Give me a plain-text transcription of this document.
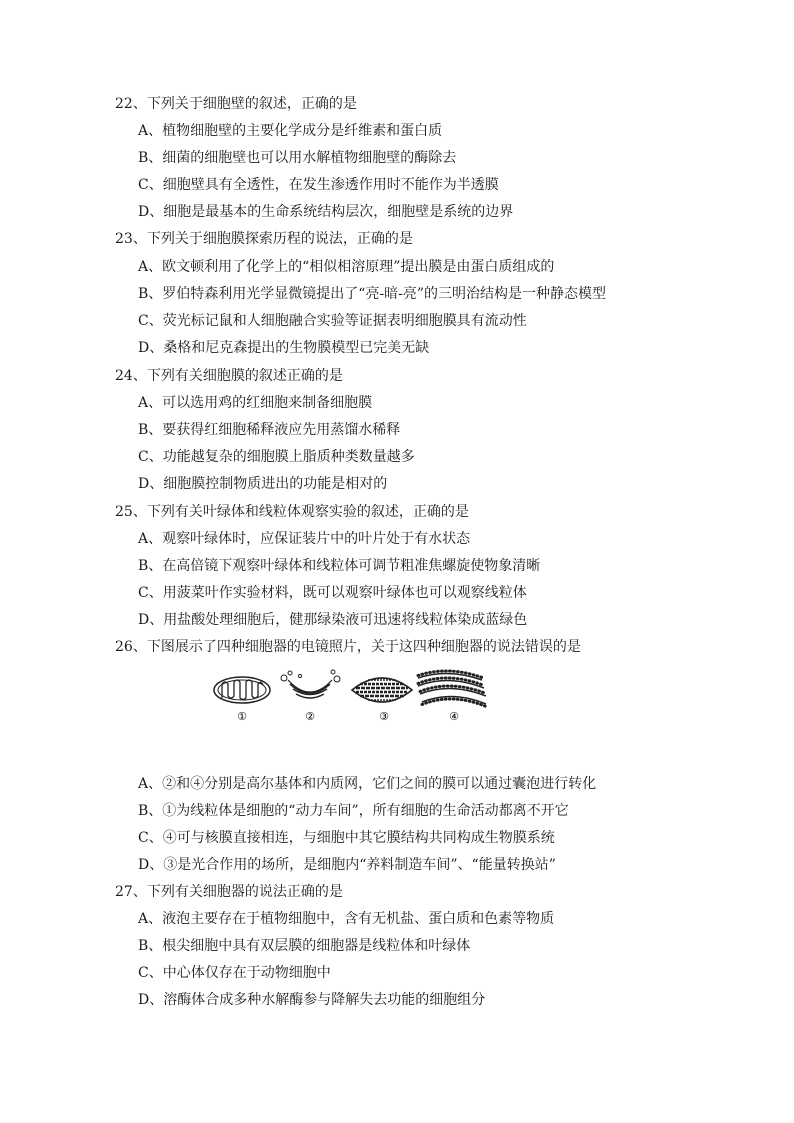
22、下列关于细胞壁的叙述，正确的是
A、植物细胞壁的主要化学成分是纤维素和蛋白质
B、细菌的细胞壁也可以用水解植物细胞壁的酶除去
C、细胞壁具有全透性，在发生渗透作用时不能作为半透膜
D、细胞是最基本的生命系统结构层次，细胞壁是系统的边界
23、下列关于细胞膜探索历程的说法，正确的是
A、欧文顿利用了化学上的“相似相溶原理”提出膜是由蛋白质组成的
B、罗伯特森利用光学显微镜提出了“亮-暗-亮”的三明治结构是一种静态模型
C、荧光标记鼠和人细胞融合实验等证据表明细胞膜具有流动性
D、桑格和尼克森提出的生物膜模型已完美无缺
24、下列有关细胞膜的叙述正确的是
A、可以选用鸡的红细胞来制备细胞膜
B、要获得红细胞稀释液应先用蒸馏水稀释
C、功能越复杂的细胞膜上脂质种类数量越多
D、细胞膜控制物质进出的功能是相对的
25、下列有关叶绿体和线粒体观察实验的叙述，正确的是
A、观察叶绿体时，应保证装片中的叶片处于有水状态
B、在高倍镜下观察叶绿体和线粒体可调节粗准焦螺旋使物象清晰
C、用菠菜叶作实验材料，既可以观察叶绿体也可以观察线粒体
D、用盐酸处理细胞后，健那绿染液可迅速将线粒体染成蓝绿色
26、下图展示了四种细胞器的电镜照片，关于这四种细胞器的说法错误的是
①	②	③	④
A、②和④分别是高尔基体和内质网，它们之间的膜可以通过囊泡进行转化
B、①为线粒体是细胞的“动力车间”，所有细胞的生命活动都离不开它
C、④可与核膜直接相连，与细胞中其它膜结构共同构成生物膜系统
D、③是光合作用的场所，是细胞内“养料制造车间”、“能量转换站”
27、下列有关细胞器的说法正确的是
A、液泡主要存在于植物细胞中，含有无机盐、蛋白质和色素等物质
B、根尖细胞中具有双层膜的细胞器是线粒体和叶绿体
C、中心体仅存在于动物细胞中
D、溶酶体合成多种水解酶参与降解失去功能的细胞组分
